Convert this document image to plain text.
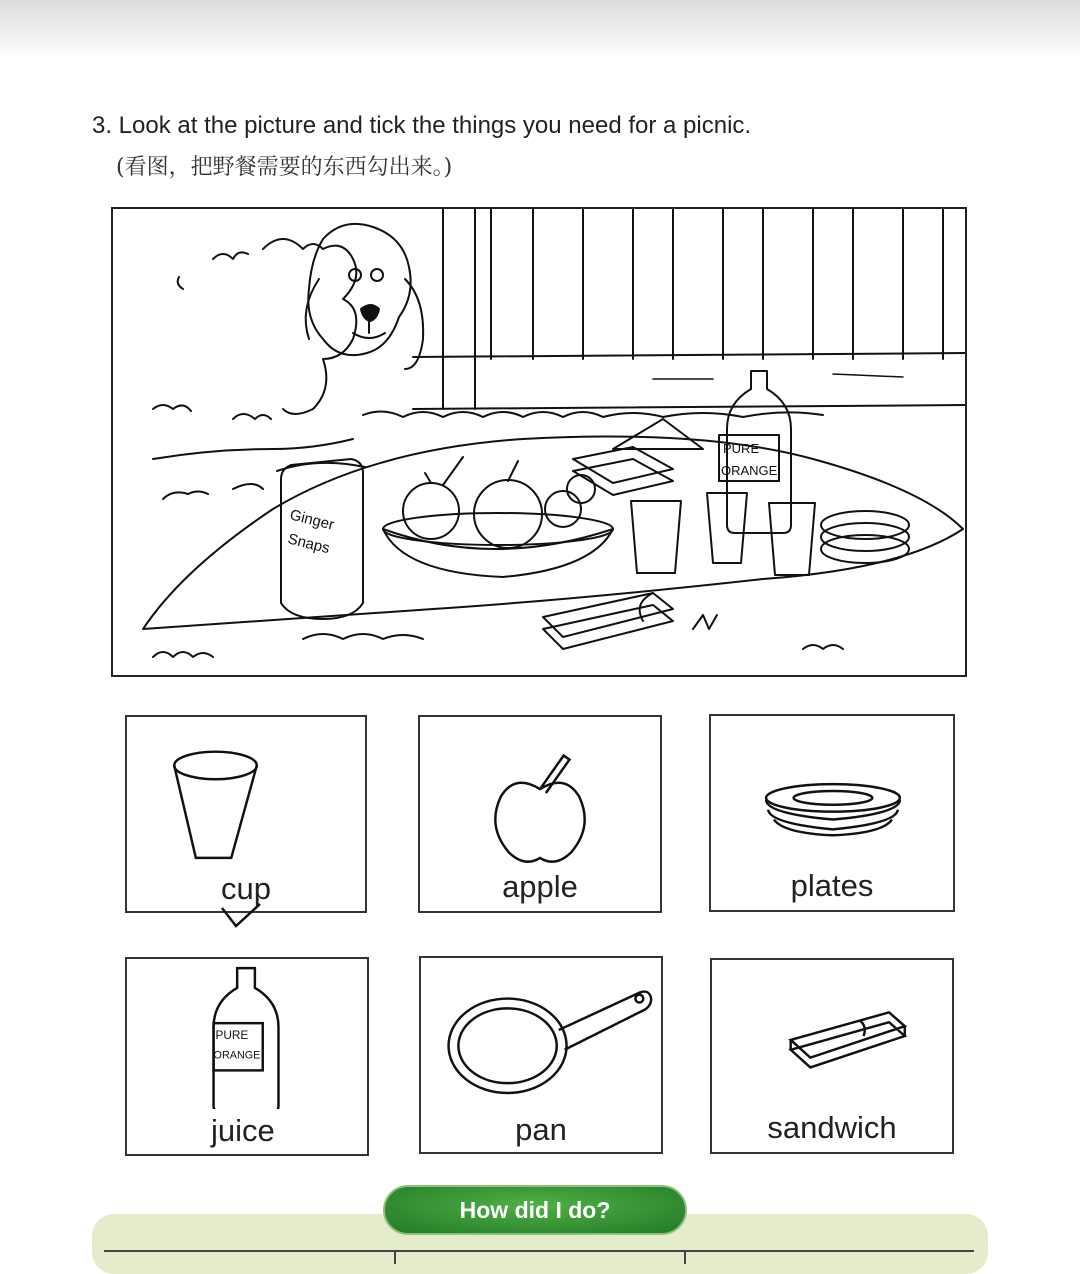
3. Look at the picture and tick the things you need for a picnic.
(看图，把野餐需要的东西勾出来。)
Ginger
Snaps
PURE
ORANGE
cup	apple	plates
PURE
ORANGE
juice	pan	sandwich
How did I do?
